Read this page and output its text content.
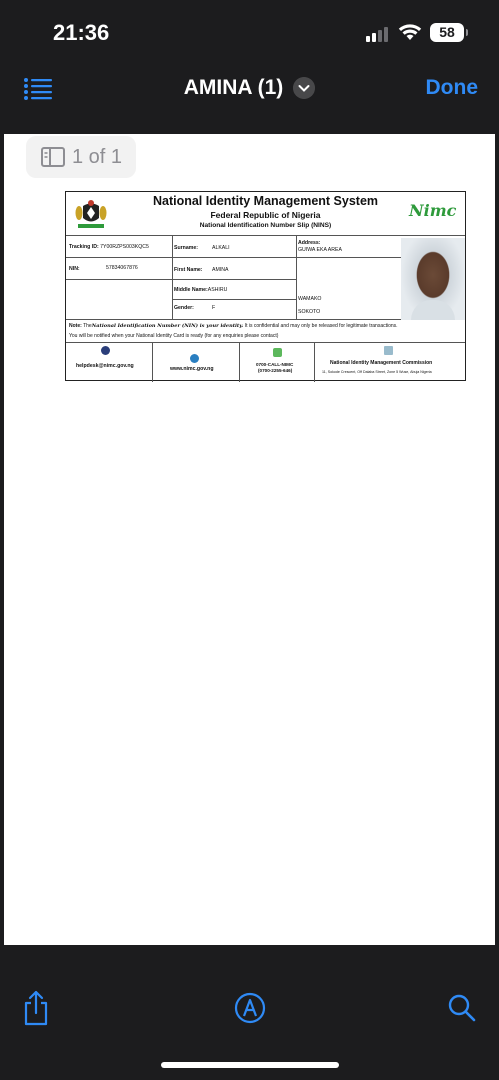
21:36	58
AMINA (1)	Done
1 of 1
National Identity Management System
Federal Republic of Nigeria
National Identification Number Slip (NINS)
Nimc
Tracking ID: 7Y00RZPS003KQC5
NIN:	57834067876
Surname:	ALKALI
First Name: AMINA
Middle Name:ASHIRU
Gender:	F
Address:
GUIWA EKA AREA
WAMAKO
SOKOTO
Note: TheNational Identification Number (NIN) is your identity. It is confidential and may only be released for legitimate transactions.
You will be notified when your National Identity Card is ready (for any enquiries please contact)
helpdesk@nimc.gov.ng	www.nimc.gov.ng
0700-CALL-NIMC
(0700-2255-646)
National Identity Management Commission
11, Sokode Crescent, Off Dalaba Street, Zone 5 Wuse, Abuja Nigeria
